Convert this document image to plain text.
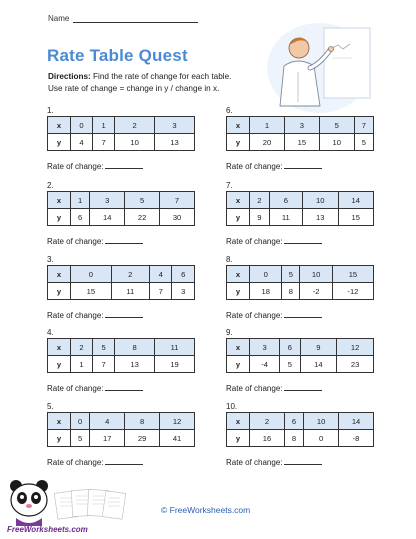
Name
Rate Table Quest
Directions: Find the rate of change for each table.
Use rate of change = change in y / change in x.
1.
x	0	1	2	3
y	4	7	10	13
Rate of change:
2.
x	1	3	5	7
y	6	14	22	30
Rate of change:
3.
x	0	2	4	6
y	15	11	7	3
Rate of change:
4.
x	2	5	8	11
y	1	7	13	19
Rate of change:
5.
x	0	4	8	12
y	5	17	29	41
Rate of change:
6.
x	1	3	5	7
y	20	15	10	5
Rate of change:
7.
x	2	6	10	14
y	9	11	13	15
Rate of change:
8.
x	0	5	10	15
y	18	8	-2	-12
Rate of change:
9.
x	3	6	9	12
y	-4	5	14	23
Rate of change:
10.
x	2	6	10	14
y	16	8	0	-8
Rate of change:
© FreeWorksheets.com
FreeWorksheets.com
